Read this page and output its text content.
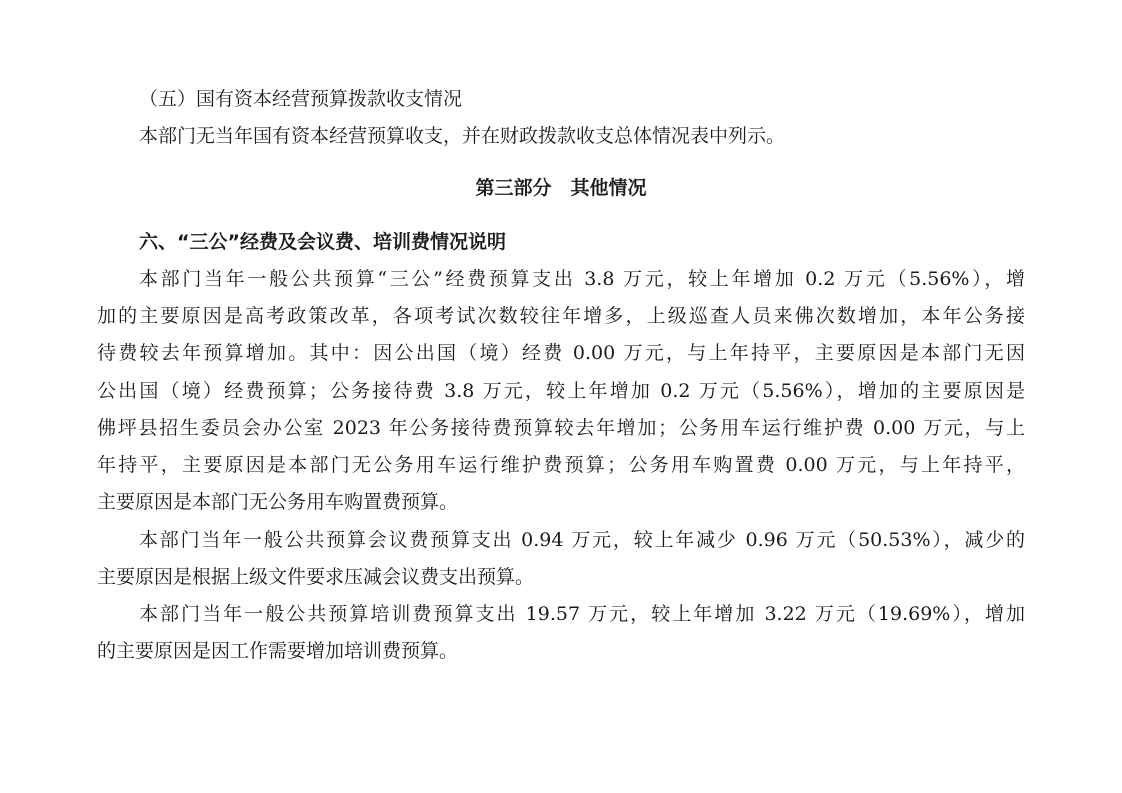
（五）国有资本经营预算拨款收支情况
本部门无当年国有资本经营预算收支，并在财政拨款收支总体情况表中列示。
第三部分　其他情况
六、“三公”经费及会议费、培训费情况说明
本部门当年一般公共预算“三公”经费预算支出 3.8 万元，较上年增加 0.2 万元（5.56%），增
加的主要原因是高考政策改革，各项考试次数较往年增多，上级巡查人员来佛次数增加，本年公务接
待费较去年预算增加。其中：因公出国（境）经费 0.00 万元，与上年持平，主要原因是本部门无因
公出国（境）经费预算；公务接待费 3.8 万元，较上年增加 0.2 万元（5.56%），增加的主要原因是
佛坪县招生委员会办公室 2023 年公务接待费预算较去年增加；公务用车运行维护费 0.00 万元，与上
年持平，主要原因是本部门无公务用车运行维护费预算；公务用车购置费 0.00 万元，与上年持平，
主要原因是本部门无公务用车购置费预算。
本部门当年一般公共预算会议费预算支出 0.94 万元，较上年减少 0.96 万元（50.53%），减少的
主要原因是根据上级文件要求压减会议费支出预算。
本部门当年一般公共预算培训费预算支出 19.57 万元，较上年增加 3.22 万元（19.69%），增加
的主要原因是因工作需要增加培训费预算。
